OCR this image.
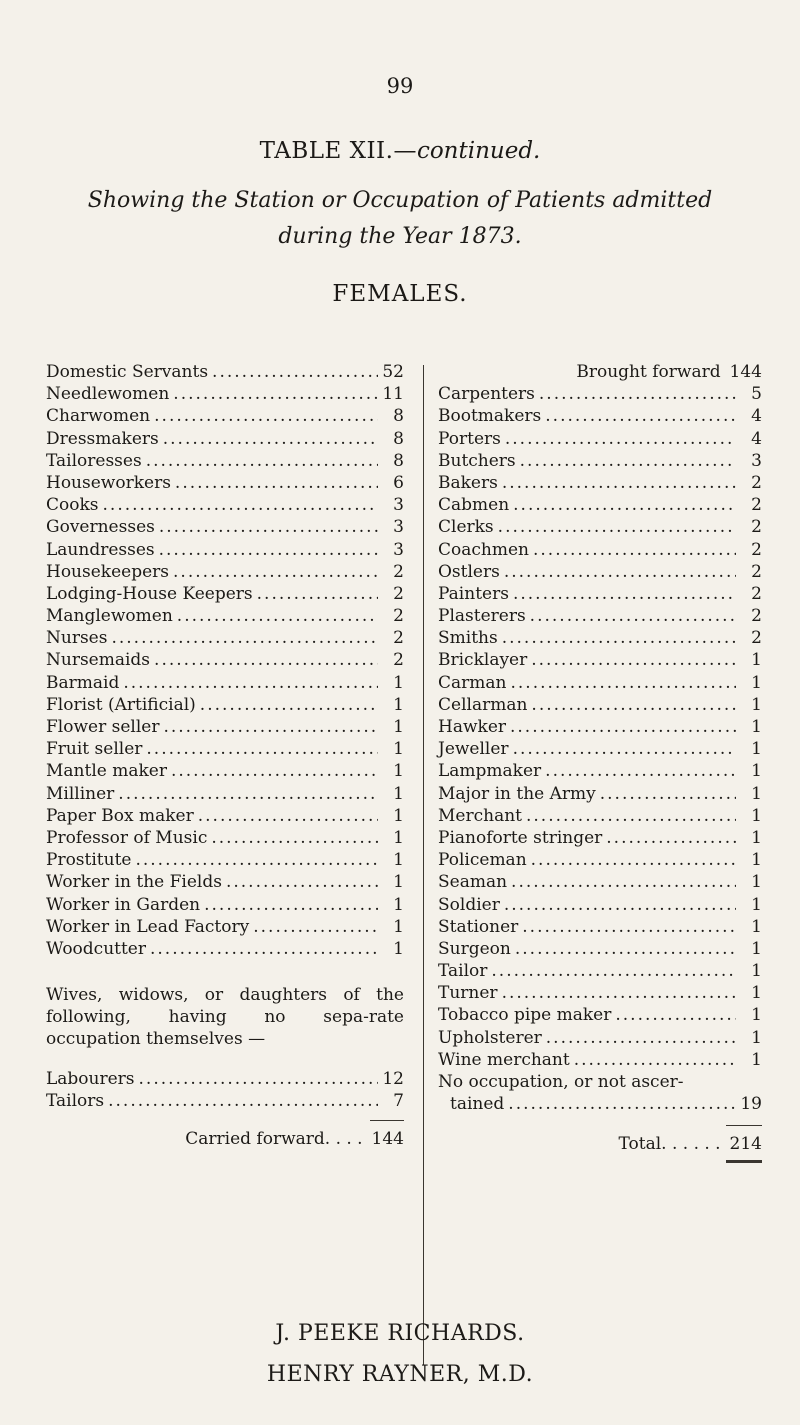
99
TABLE XII.—continued.
Showing the Station or Occupation of Patients admitted
during the Year 1873.
FEMALES.
Domestic Servants .....	52
Needlewomen .....	11
Charwomen .....	8
Dressmakers .....	8
Tailoresses .....	8
Houseworkers .....	6
Cooks .....	3
Governesses .....	3
Laundresses .....	3
Housekeepers .....	2
Lodging-House Keepers .....	2
Manglewomen .....	2
Nurses .....	2
Nursemaids .....	2
Barmaid .....	1
Florist (Artificial) .....	1
Flower seller .....	1
Fruit seller .....	1
Mantle maker .....	1
Milliner .....	1
Paper Box maker .....	1
Professor of Music .....	1
Prostitute .....	1
Worker in the Fields .....	1
Worker in Garden .....	1
Worker in Lead Factory .....	1
Woodcutter .....	1
Wives, widows, or daughters of the following, having no sepa-rate occupation themselves —
Labourers .....	12
Tailors .....	7
Carried forward. . . . 144
Brought forward 144
Carpenters .....	5
Bootmakers .....	4
Porters .....	4
Butchers .....	3
Bakers .....	2
Cabmen .....	2
Clerks .....	2
Coachmen .....	2
Ostlers .....	2
Painters .....	2
Plasterers .....	2
Smiths .....	2
Bricklayer .....	1
Carman .....	1
Cellarman .....	1
Hawker .....	1
Jeweller .....	1
Lampmaker .....	1
Major in the Army .....	1
Merchant .....	1
Pianoforte stringer .....	1
Policeman .....	1
Seaman .....	1
Soldier .....	1
Stationer .....	1
Surgeon .....	1
Tailor .....	1
Turner .....	1
Tobacco pipe maker .....	1
Upholsterer .....	1
Wine merchant .....	1
No occupation, or not ascer-
tained .....	19
Total. . . . . . 214
J. PEEKE RICHARDS.
HENRY RAYNER, M.D.
